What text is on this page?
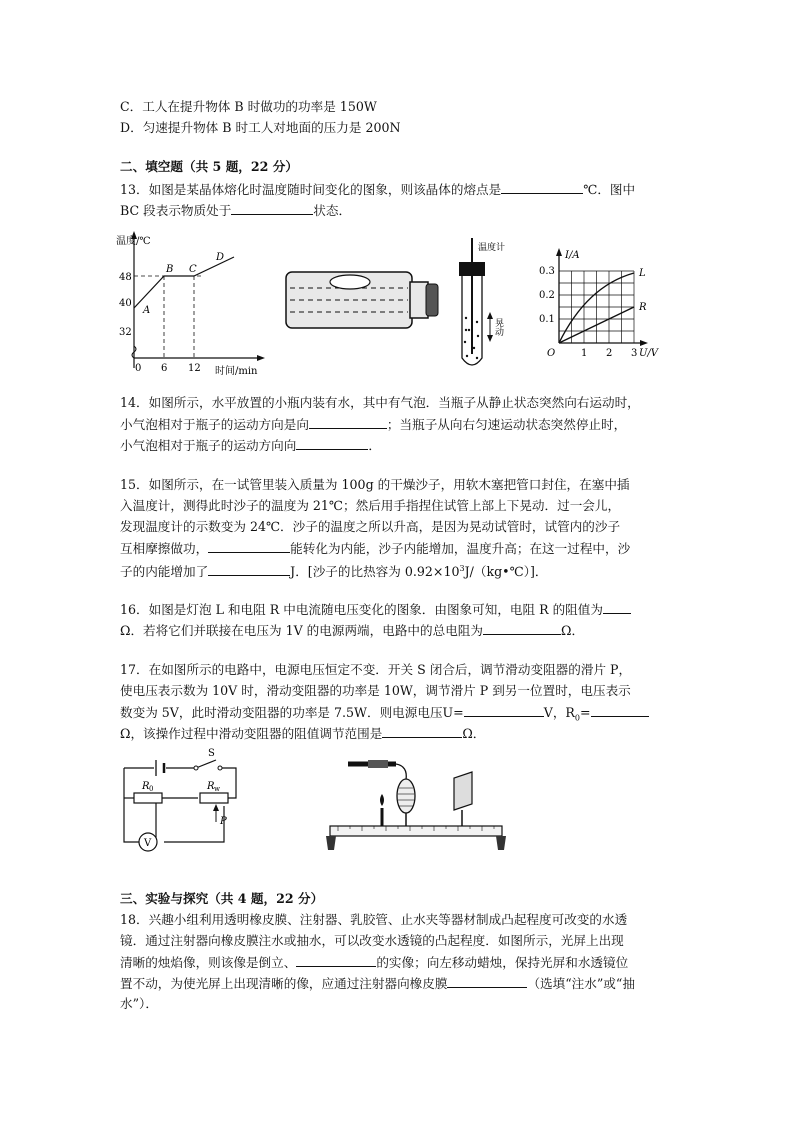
C．工人在提升物体 B 时做功的功率是 150W
D．匀速提升物体 B 时工人对地面的压力是 200N
二、填空题（共 5 题，22 分）
13．如图是某晶体熔化时温度随时间变化的图象，则该晶体的熔点是	℃．图中
BC 段表示物质处于	状态．
温度/℃
时间/min
48
40
32
0 6 12
A
B C
D
温度计
晃动
I/A
U/V
0.3
0.2
0.1
O	1 2 3
L
R
14．如图所示，水平放置的小瓶内装有水，其中有气泡．当瓶子从静止状态突然向右运动时，
小气泡相对于瓶子的运动方向是向	；当瓶子从向右匀速运动状态突然停止时，
小气泡相对于瓶子的运动方向向	．
15．如图所示，在一试管里装入质量为 100g 的干燥沙子，用软木塞把管口封住，在塞中插
入温度计，测得此时沙子的温度为 21℃；然后用手指捏住试管上部上下晃动．过一会儿，
发现温度计的示数变为 24℃．沙子的温度之所以升高，是因为晃动试管时，试管内的沙子
互相摩擦做功，	能转化为内能，沙子内能增加，温度升高；在这一过程中，沙
子的内能增加了	J．[沙子的比热容为 $0.92\times 10^3J/(kg•℃)$]．
16．如图是灯泡 L 和电阻 R 中电流随电压变化的图象．由图象可知，电阻 R 的阻值为
Ω．若将它们并联接在电压为 1V 的电源两端，电路中的总电阻为	Ω．
17．在如图所示的电路中，电源电压恒定不变．开关 S 闭合后，调节滑动变阻器的滑片 P，
使电压表示数为 10V 时，滑动变阻器的功率是 10W，调节滑片 P 到另一位置时，电压表示
数变为 5V，此时滑动变阻器的功率是 7.5W．则电源电压U=	V，$R_0=$
Ω，该操作过程中滑动变阻器的阻值调节范围是	Ω．
S
R 0	R w
P
V
三、实验与探究（共 4 题，22 分）
18．兴趣小组利用透明橡皮膜、注射器、乳胶管、止水夹等器材制成凸起程度可改变的水透
镜．通过注射器向橡皮膜注水或抽水，可以改变水透镜的凸起程度．如图所示，光屏上出现
清晰的烛焰像，则该像是倒立、	的实像；向左移动蜡烛，保持光屏和水透镜位
置不动，为使光屏上出现清晰的像，应通过注射器向橡皮膜	（选填“注水”或“抽
水”）．
